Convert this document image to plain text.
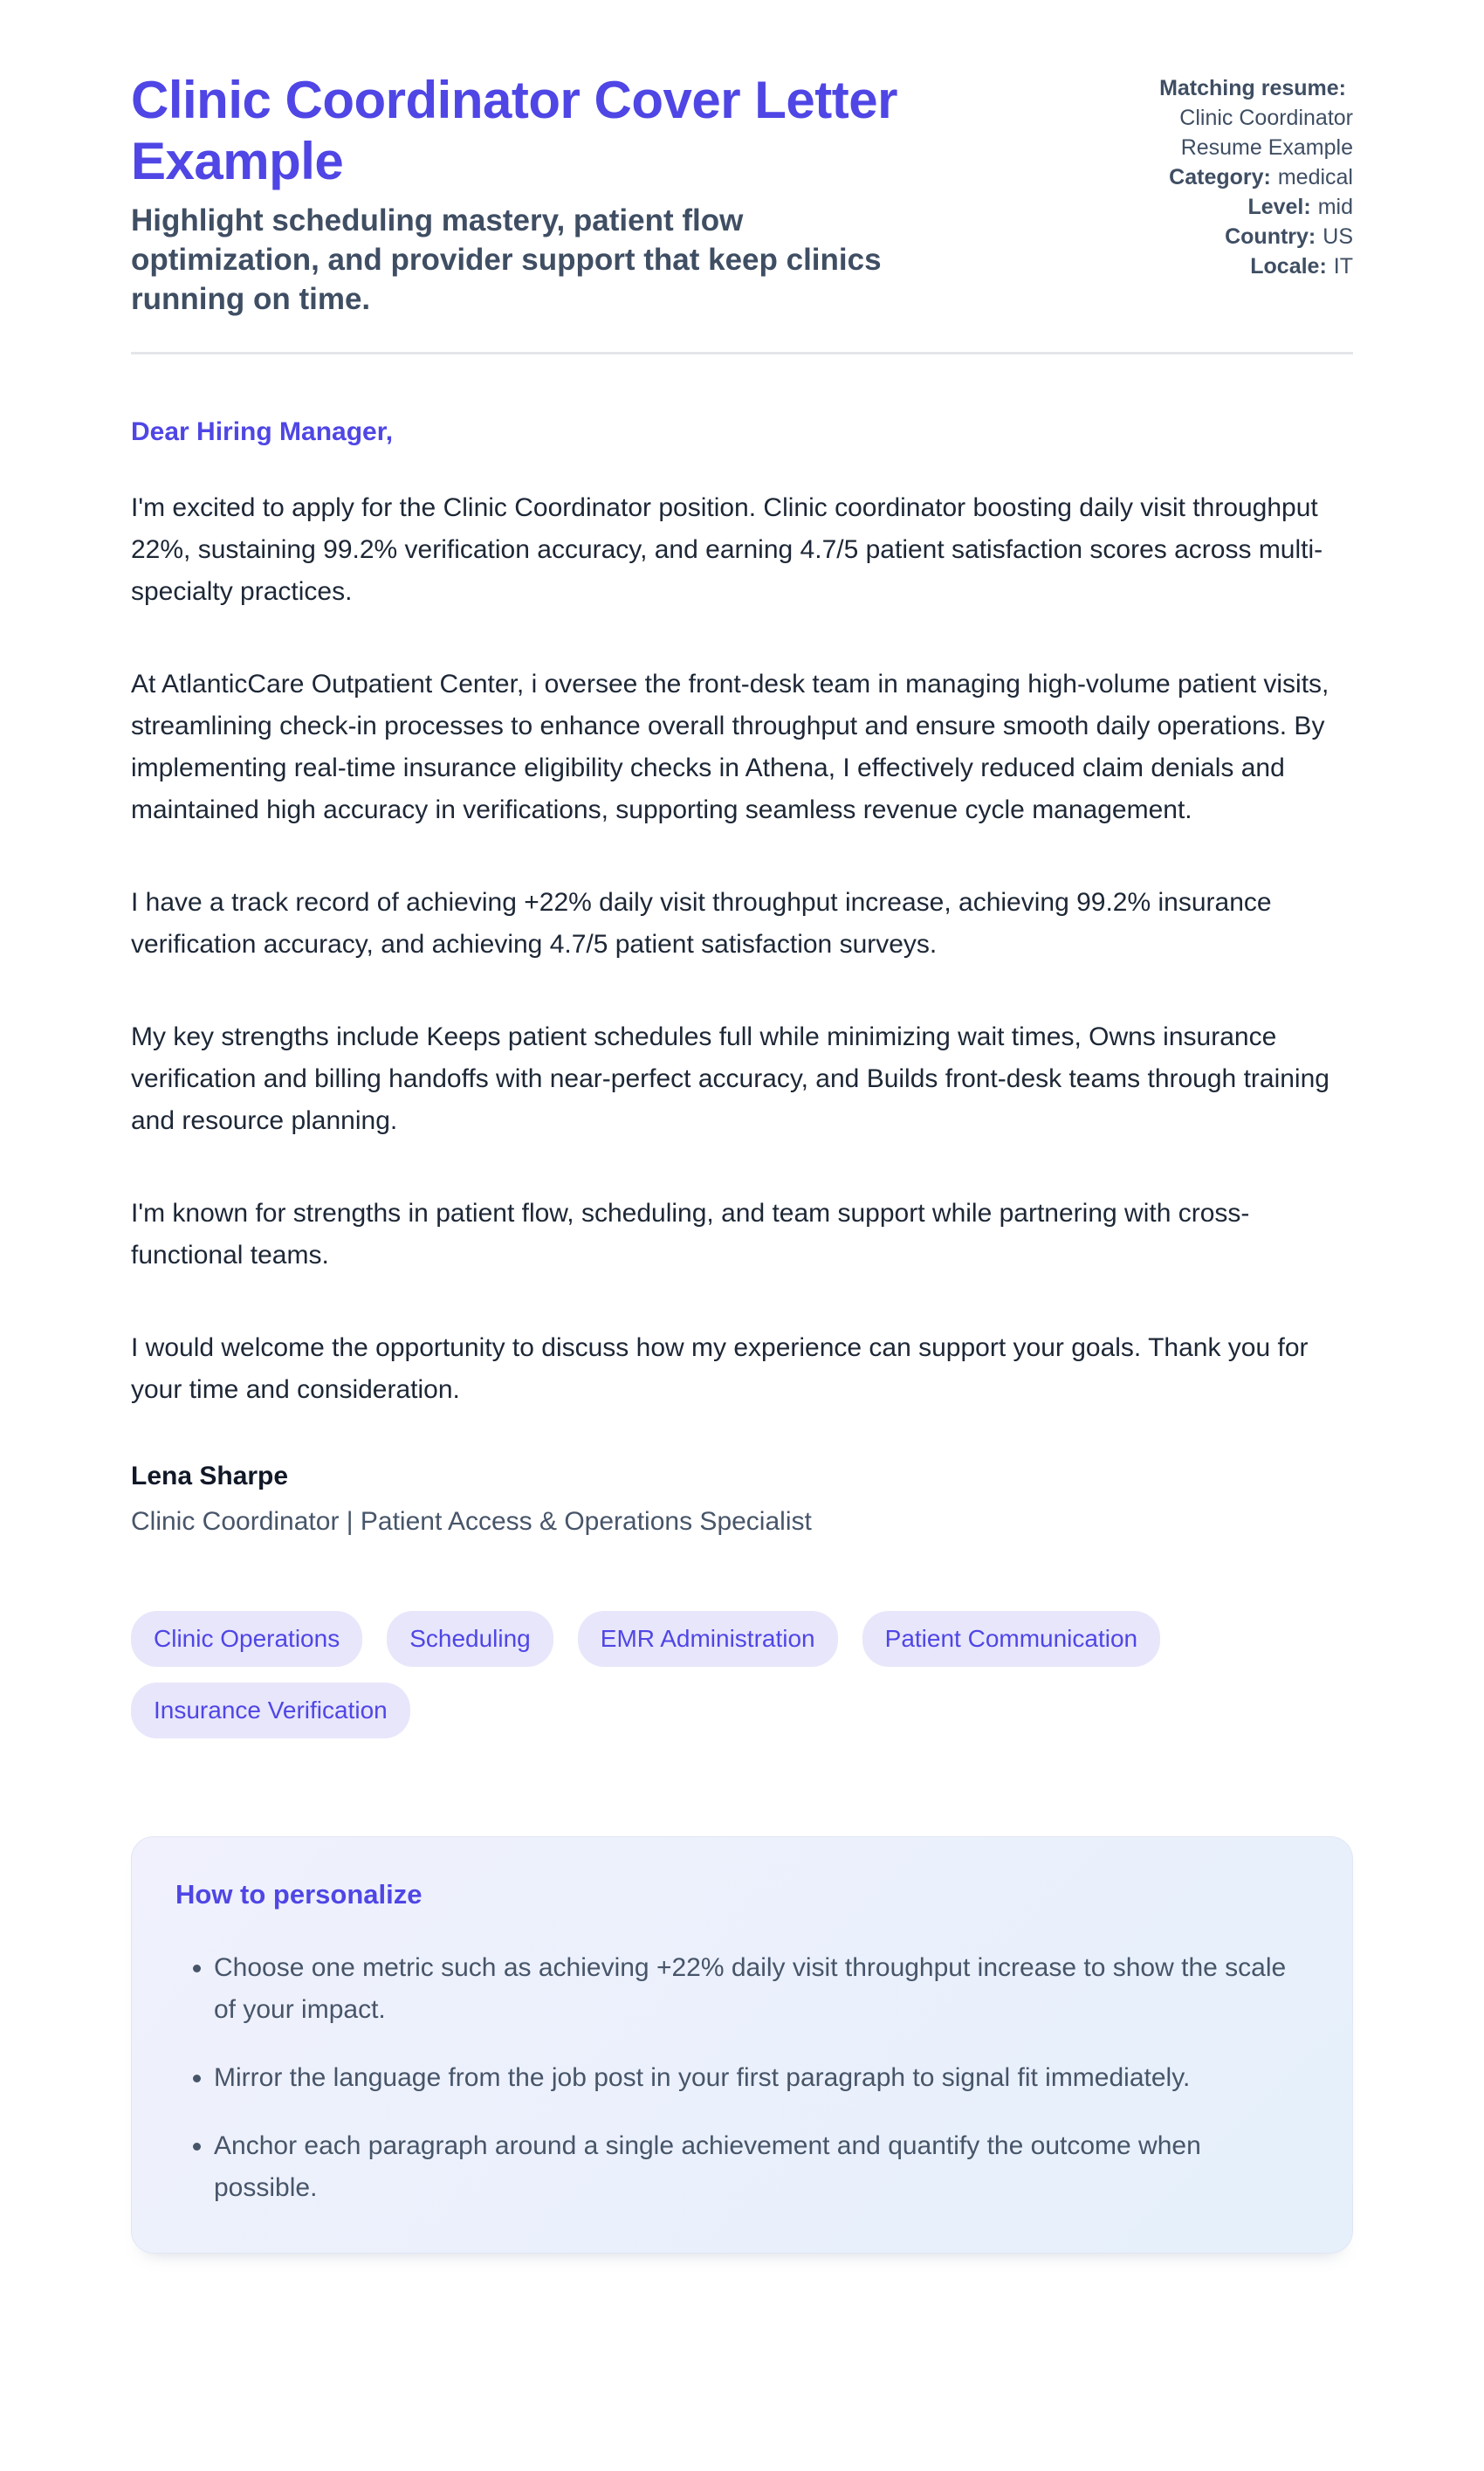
Clinic Coordinator Cover Letter Example

Highlight scheduling mastery, patient flow optimization, and provider support that keep clinics running on time.

Matching resume:
Clinic Coordinator Resume Example
Category: medical
Level: mid
Country: US
Locale: IT

Dear Hiring Manager,

I'm excited to apply for the Clinic Coordinator position. Clinic coordinator boosting daily visit throughput 22%, sustaining 99.2% verification accuracy, and earning 4.7/5 patient satisfaction scores across multi-specialty practices.

At AtlanticCare Outpatient Center, i oversee the front-desk team in managing high-volume patient visits, streamlining check-in processes to enhance overall throughput and ensure smooth daily operations. By implementing real-time insurance eligibility checks in Athena, I effectively reduced claim denials and maintained high accuracy in verifications, supporting seamless revenue cycle management.

I have a track record of achieving +22% daily visit throughput increase, achieving 99.2% insurance verification accuracy, and achieving 4.7/5 patient satisfaction surveys.

My key strengths include Keeps patient schedules full while minimizing wait times, Owns insurance verification and billing handoffs with near-perfect accuracy, and Builds front-desk teams through training and resource planning.

I'm known for strengths in patient flow, scheduling, and team support while partnering with cross-functional teams.

I would welcome the opportunity to discuss how my experience can support your goals. Thank you for your time and consideration.

Lena Sharpe
Clinic Coordinator | Patient Access & Operations Specialist
Clinic Operations	Scheduling	EMR Administration	Patient Communication
Insurance Verification
How to personalize
• Choose one metric such as achieving +22% daily visit throughput increase to show the scale of your impact.
• Mirror the language from the job post in your first paragraph to signal fit immediately.
• Anchor each paragraph around a single achievement and quantify the outcome when possible.
